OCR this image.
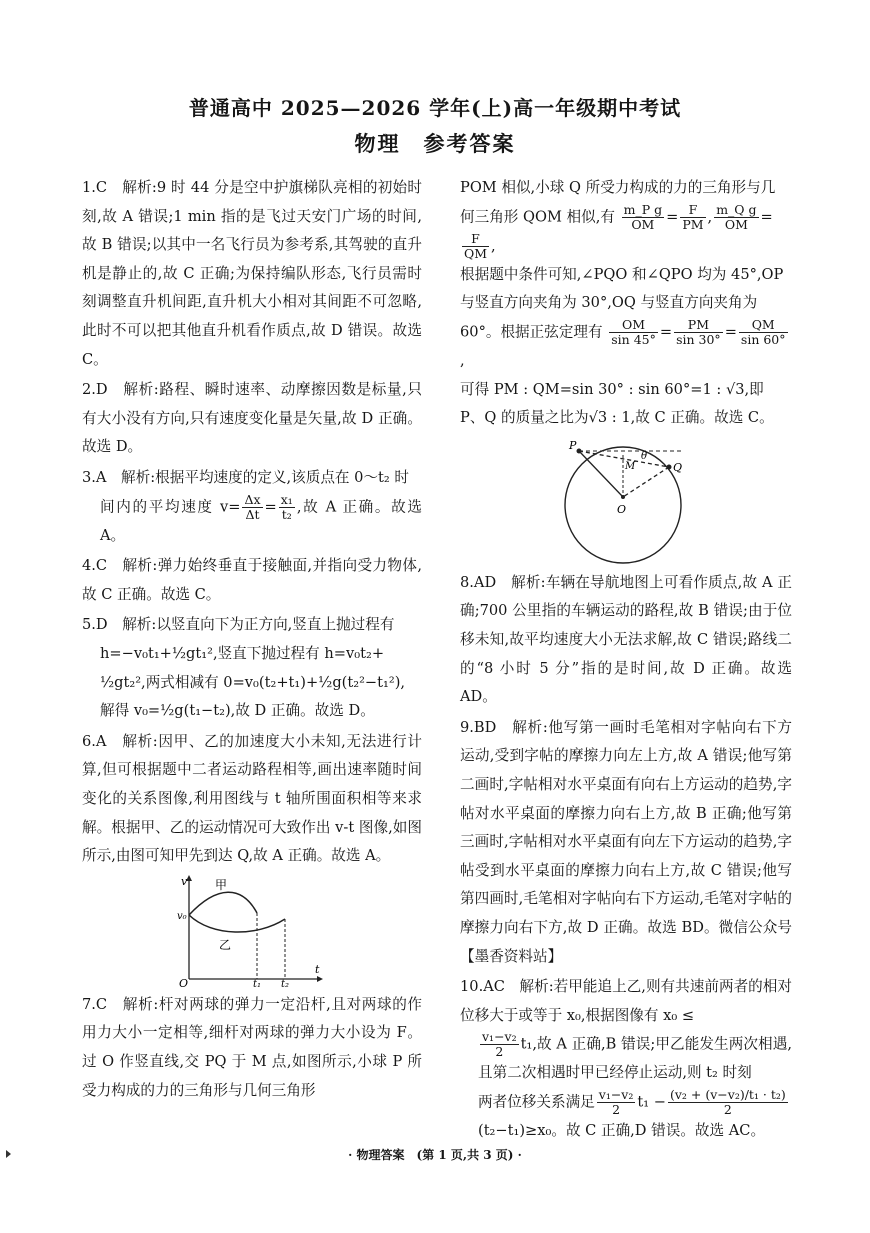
普通高中 2025—2026 学年(上)高一年级期中考试
物理　参考答案

1.C　解析:9 时 44 分是空中护旗梯队亮相的初始时刻,故 A 错误;1 min 指的是飞过天安门广场的时间,故 B 错误;以其中一名飞行员为参考系,其驾驶的直升机是静止的,故 C 正确;为保持编队形态,飞行员需时刻调整直升机间距,直升机大小相对其间距不可忽略,此时不可以把其他直升机看作质点,故 D 错误。故选 C。

2.D　解析:路程、瞬时速率、动摩擦因数是标量,只有大小没有方向,只有速度变化量是矢量,故 D 正确。故选 D。

3.A　解析:根据平均速度的定义,该质点在 0～t₂ 时

间内的平均速度 $v= \frac{\Delta x}{\Delta t} = \frac{\text{x₁}}{\text{t₂}}$ ,故 A 正确。故选 A。

4.C　解析:弹力始终垂直于接触面,并指向受力物体,故 C 正确。故选 C。

5.D　解析:以竖直向下为正方向,竖直上抛过程有

h=−v₀t₁+½gt₁²,竖直下抛过程有 h=v₀t₂+

½gt₂²,两式相减有 0=v₀(t₂+t₁)+½g(t₂²−t₁²),

解得 v₀=½g(t₁−t₂),故 D 正确。故选 D。

6.A　解析:因甲、乙的加速度大小未知,无法进行计算,但可根据题中二者运动路程相等,画出速率随时间变化的关系图像,利用图线与 t 轴所围面积相等来求解。根据甲、乙的运动情况可大致作出 v-t 图像,如图所示,由图可知甲先到达 Q,故 A 正确。故选 A。

v
t
O
v₀
甲
乙
t₁ t₂

7.C　解析:杆对两球的弹力一定沿杆,且对两球的作用力大小一定相等,细杆对两球的弹力大小设为 F。过 O 作竖直线,交 PQ 于 M 点,如图所示,小球 P 所受力构成的力的三角形与几何三角形

POM 相似,小球 Q 所受力构成的力的三角形与几

何三角形 QOM 相似,有 $\frac{\text{m\_P g}}{OM} = \frac{F}{PM}$ , $\frac{\text{m\_Q g}}{OM}$ =
$\frac{F}{QM}$ ,

根据题中条件可知,∠PQO 和∠QPO 均为 45°,OP 与竖直方向夹角为 30°,OQ 与竖直方向夹角为

60°。根据正弦定理有 $\frac{OM}{\sin 45^\circ} = \frac{PM}{\sin 30^\circ} = \frac{QM}{\sin 60^\circ}$
,

可得 PM : QM=sin 30° : sin 60°=1 : √3,即 P、Q 的质量之比为√3 : 1,故 C 正确。故选 C。

P
Q
M
O
θ

8.AD　解析:车辆在导航地图上可看作质点,故 A 正确;700 公里指的车辆运动的路程,故 B 错误;由于位移未知,故平均速度大小无法求解,故 C 错误;路线二的“8 小时 5 分”指的是时间,故 D 正确。故选 AD。

9.BD　解析:他写第一画时毛笔相对字帖向右下方运动,受到字帖的摩擦力向左上方,故 A 错误;他写第二画时,字帖相对水平桌面有向右上方运动的趋势,字帖对水平桌面的摩擦力向右上方,故 B 正确;他写第三画时,字帖相对水平桌面有向左下方运动的趋势,字帖受到水平桌面的摩擦力向右上方,故 C 错误;他写第四画时,毛笔相对字帖向右下方运动,毛笔对字帖的摩擦力向右下方,故 D 正确。故选 BD。微信公众号【墨香资料站】

10.AC　解析:若甲能追上乙,则有共速前两者的相对位移大于或等于 x₀,根据图像有 x₀ ≤

$\frac{\text{v₁−v₂}}{2} t_1$,故 A 正确,B 错误;甲乙能发生两次相遇,且第二次相遇时甲已经停止运动,则 t₂ 时刻

两者位移关系满足 $\frac{\text{v₁−v₂}}{2} t_1 - \frac{\text{(v₂ + (v−v₂)/t₁ · t₂)}}{2}$

(t₂−t₁)≥x₀。故 C 正确,D 错误。故选 AC。

· 物理答案　(第 1 页,共 3 页) ·
